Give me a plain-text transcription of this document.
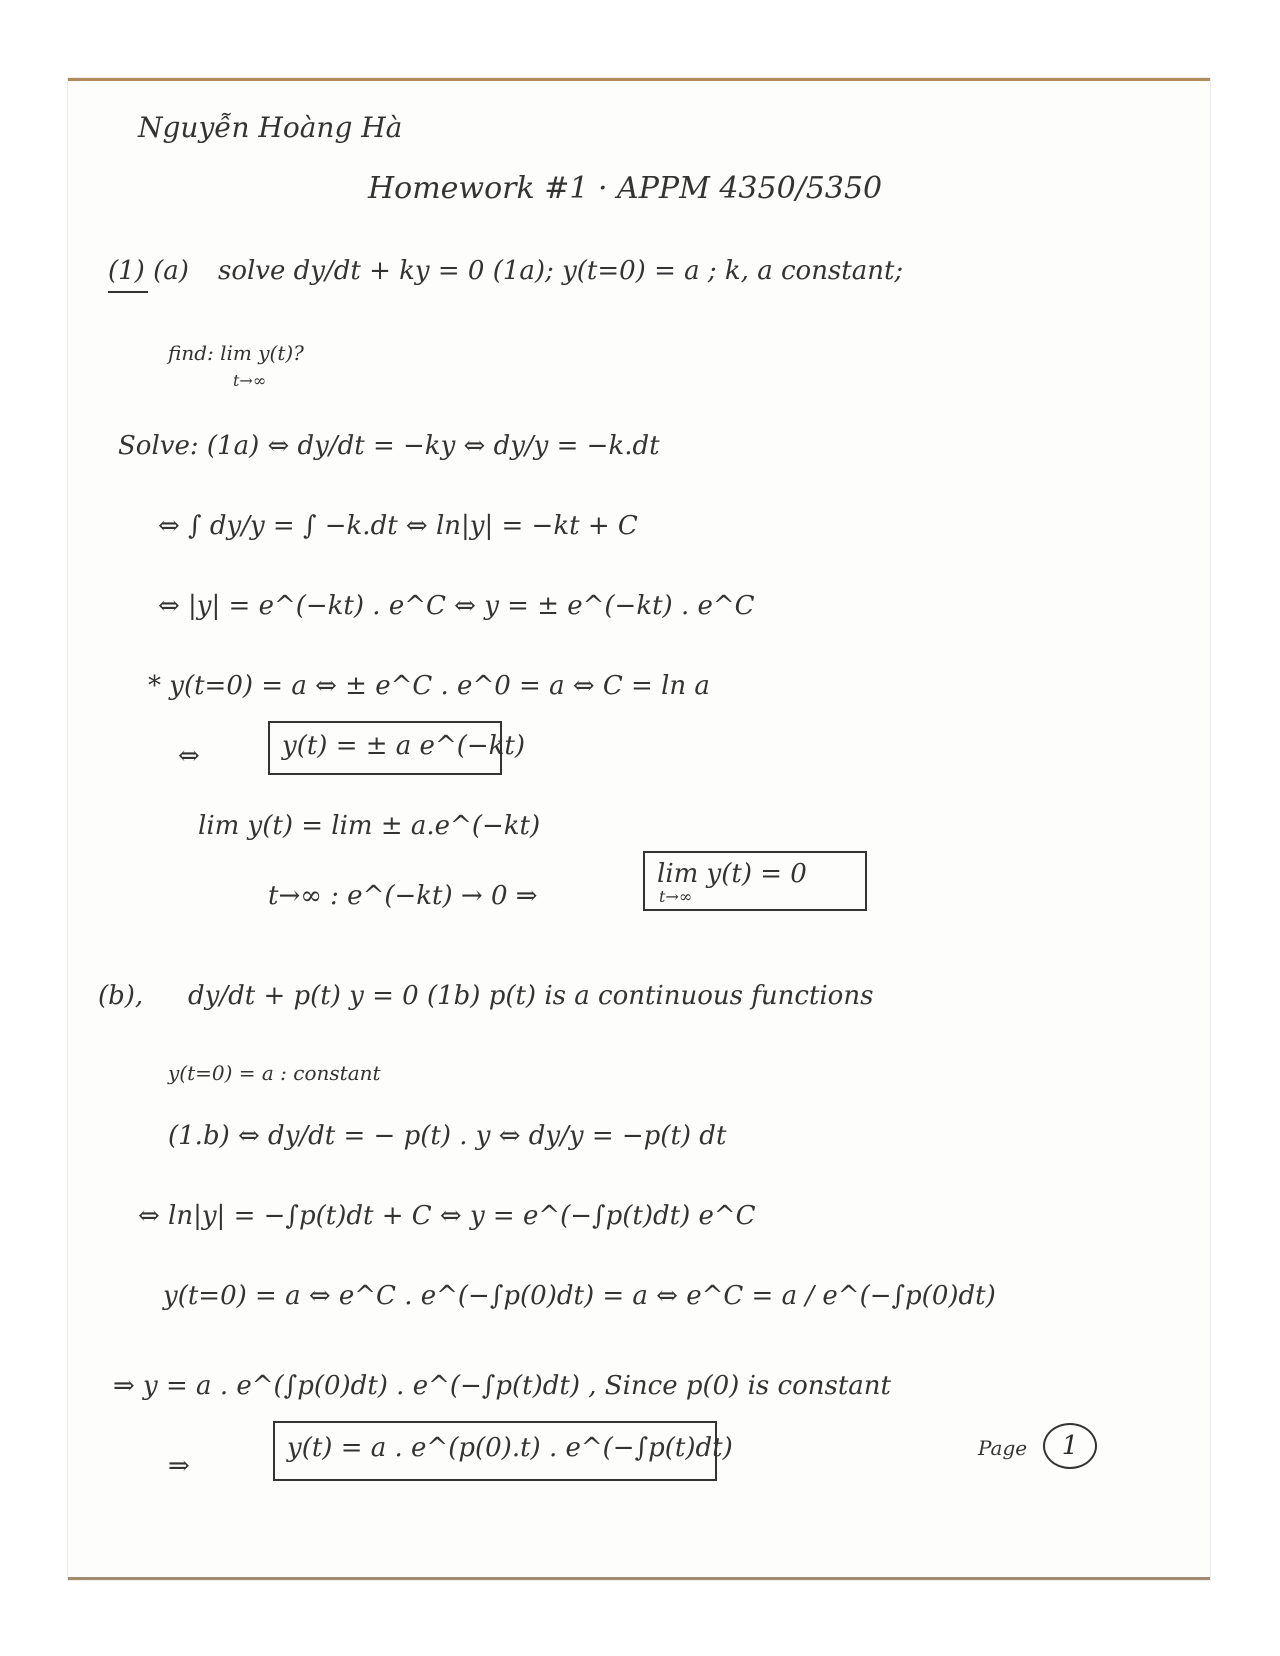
Nguyễn Hoàng Hà
Homework #1 · APPM 4350/5350
(1) (a) solve dy/dt + ky = 0 (1a); y(t=0) = a ; k, a constant;
find: lim y(t)?
t→∞
Solve: (1a) ⇔ dy/dt = −ky ⇔ dy/y = −k.dt
⇔ ∫ dy/y = ∫ −k.dt ⇔ ln|y| = −kt + C
⇔ |y| = e^(−kt) . e^C ⇔ y = ± e^(−kt) . e^C
* y(t=0) = a ⇔ ± e^C . e^0 = a ⇔ C = ln a
⇔	y(t) = ± a e^(−kt)
lim y(t) = lim ± a.e^(−kt)
t→∞ : e^(−kt) → 0 ⇒
lim y(t) = 0
t→∞
(b), dy/dt + p(t) y = 0 (1b) p(t) is a continuous functions
y(t=0) = a : constant
(1.b) ⇔ dy/dt = − p(t) . y ⇔ dy/y = −p(t) dt
⇔ ln|y| = −∫p(t)dt + C ⇔ y = e^(−∫p(t)dt) e^C
y(t=0) = a ⇔ e^C . e^(−∫p(0)dt) = a ⇔ e^C = a / e^(−∫p(0)dt)
⇒ y = a . e^(∫p(0)dt) . e^(−∫p(t)dt) , Since p(0) is constant
⇒
y(t) = a . e^(p(0).t) . e^(−∫p(t)dt)	Page	1
